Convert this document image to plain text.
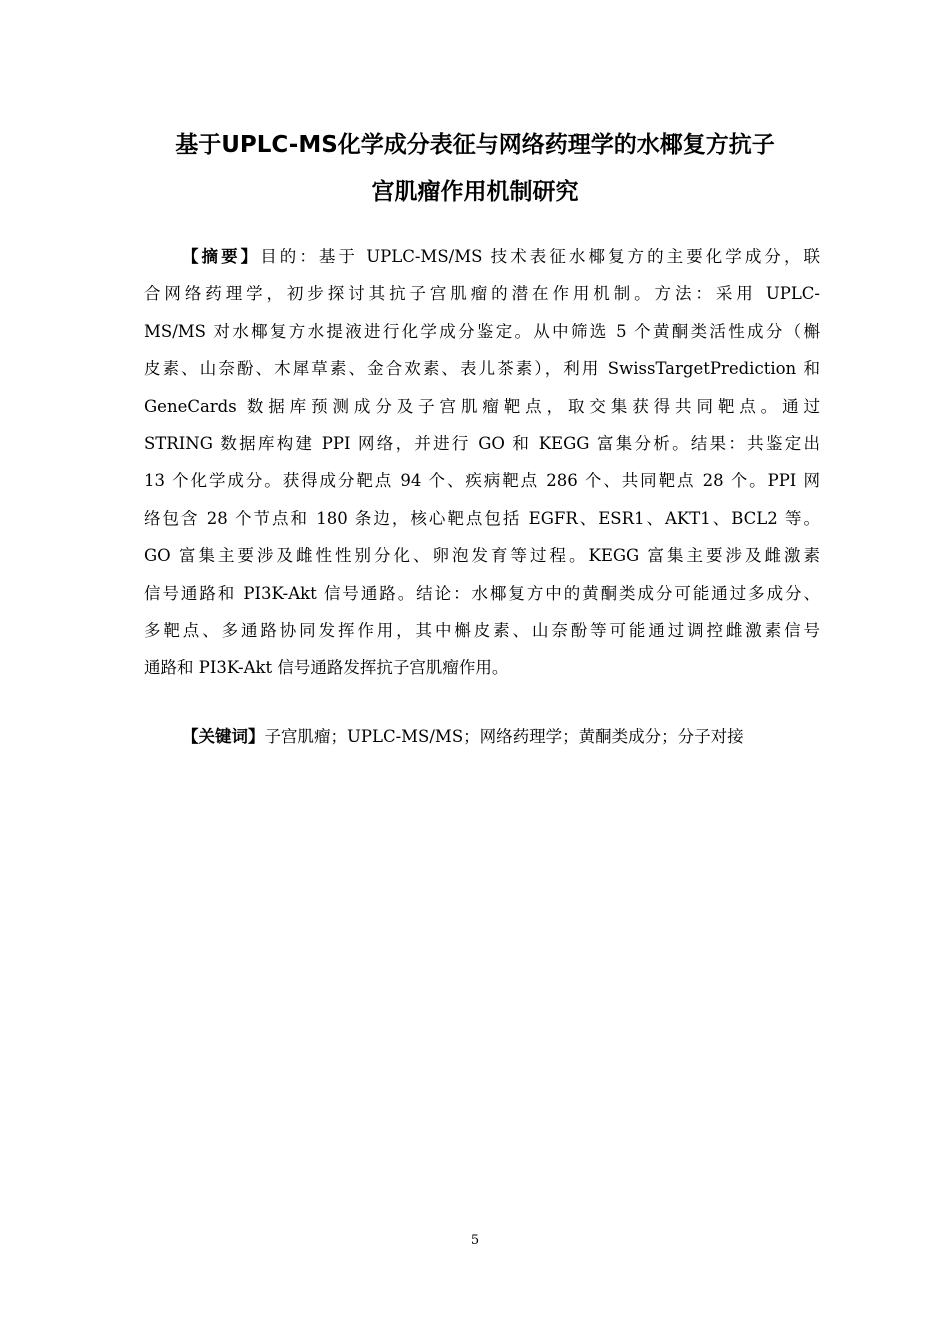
基于UPLC-MS化学成分表征与网络药理学的水椰复方抗子
宫肌瘤作用机制研究
【摘要】目的：基于 UPLC-MS/MS 技术表征水椰复方的主要化学成分，联
合网络药理学，初步探讨其抗子宫肌瘤的潜在作用机制。方法：采用 UPLC-
MS/MS 对水椰复方水提液进行化学成分鉴定。从中筛选 5 个黄酮类活性成分（槲
皮素、山奈酚、木犀草素、金合欢素、表儿茶素），利用 SwissTargetPrediction 和
GeneCards 数据库预测成分及子宫肌瘤靶点，取交集获得共同靶点。通过
STRING 数据库构建 PPI 网络，并进行 GO 和 KEGG 富集分析。结果：共鉴定出
13 个化学成分。获得成分靶点 94 个、疾病靶点 286 个、共同靶点 28 个。PPI 网
络包含 28 个节点和 180 条边，核心靶点包括 EGFR、ESR1、AKT1、BCL2 等。
GO 富集主要涉及雌性性别分化、卵泡发育等过程。KEGG 富集主要涉及雌激素
信号通路和 PI3K-Akt 信号通路。结论：水椰复方中的黄酮类成分可能通过多成分、
多靶点、多通路协同发挥作用，其中槲皮素、山奈酚等可能通过调控雌激素信号
通路和 PI3K-Akt 信号通路发挥抗子宫肌瘤作用。
【关键词】子宫肌瘤；UPLC-MS/MS；网络药理学；黄酮类成分；分子对接
5
